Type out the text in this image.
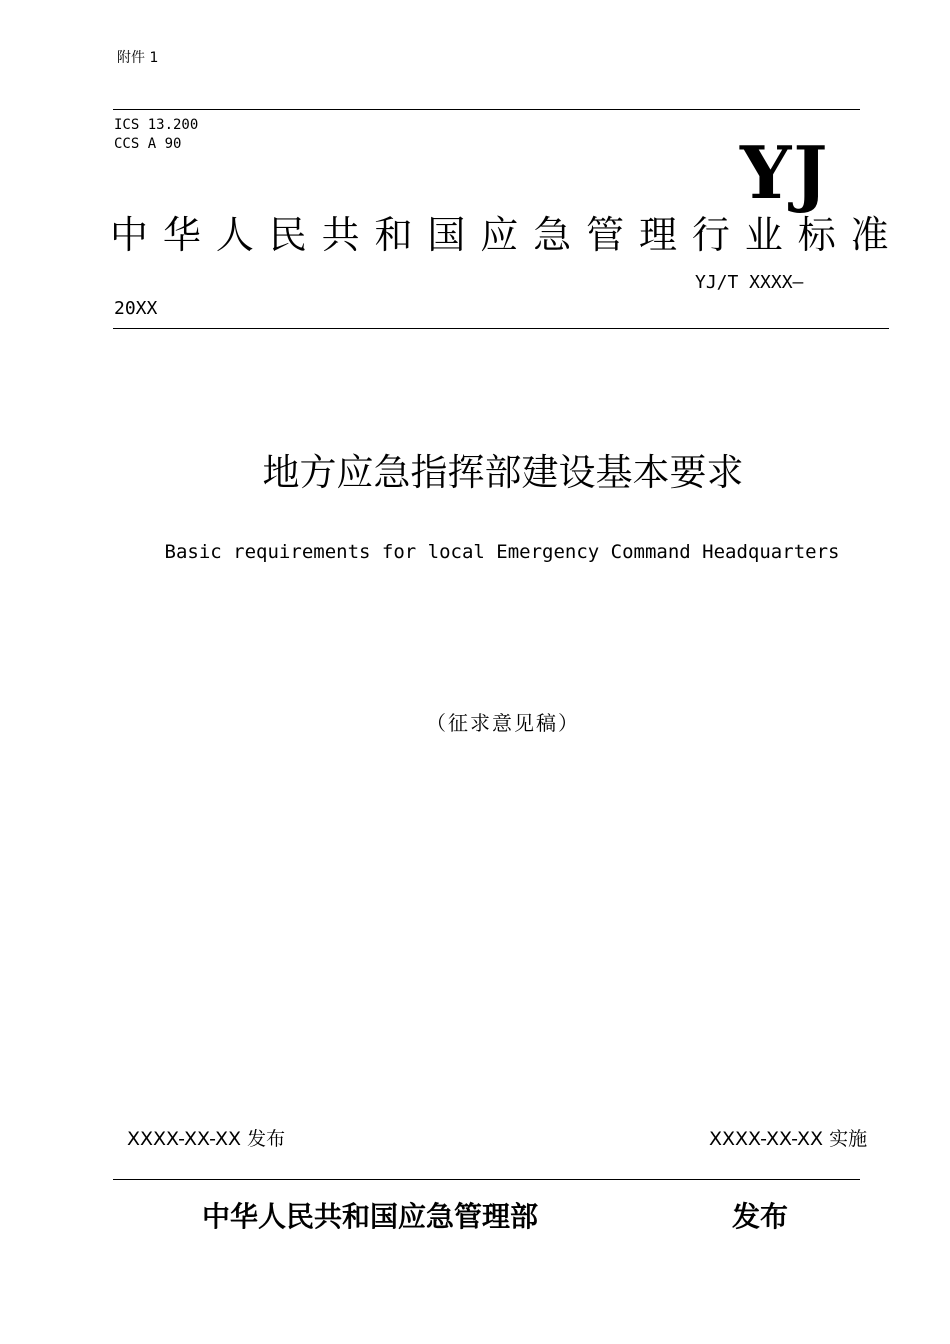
附件 1
ICS 13.200
CCS A 90	YJ
中华人民共和国应急管理行业标准
YJ/T XXXX—
20XX
地方应急指挥部建设基本要求
Basic requirements for local Emergency Command Headquarters
（征求意见稿）
XXXX-XX-XX 发布	XXXX-XX-XX 实施
中华人民共和国应急管理部	发布
